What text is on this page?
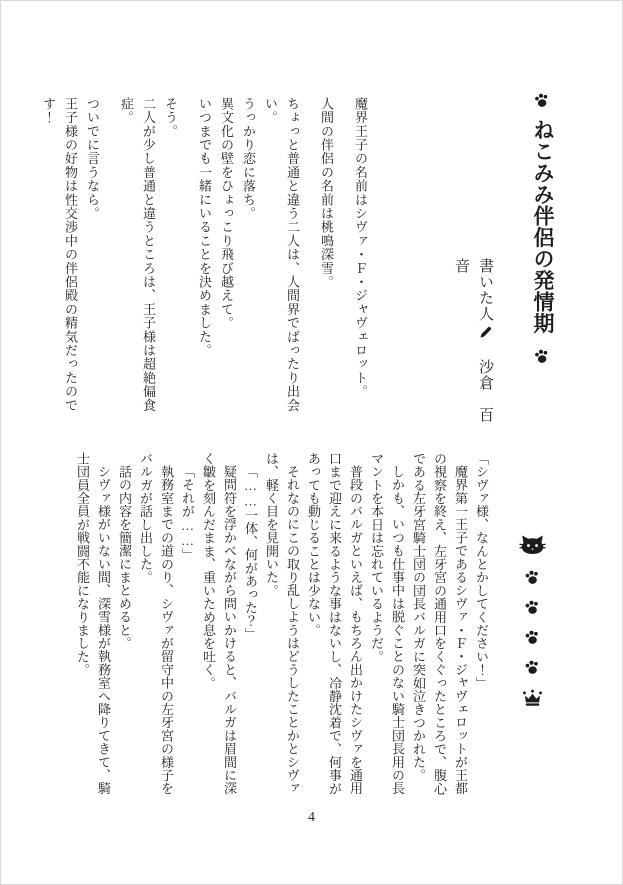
ねこみみ伴侶の発情期
書いた人　沙倉　百音

魔界王子の名前はシヴァ・Ｆ・ジャヴェロット。

人間の伴侶の名前は桃鳴深雪。

ちょっと普通と違う二人は、人間界でばったり出会い。

うっかり恋に落ち。

異文化の壁をひょっこり飛び越えて。

いつまでも一緒にいることを決めました。

そう。

二人が少し普通と違うところは、王子様は超絶偏食症。

ついでに言うなら。

王子様の好物は性交渉中の伴侶殿の精気だったのです！

「シヴァ様、なんとかしてください！」

魔界第一王子であるシヴァ・Ｆ・ジャヴェロットが王都の視察を終え、左牙宮の通用口をくぐったところで、腹心である左牙宮騎士団の団長バルガに突如泣きつかれた。

しかも、いつも仕事中は脱ぐことのない騎士団長用の長マントを本日は忘れているようだ。

普段のバルガといえば、もちろん出かけたシヴァを通用口まで迎えに来るような事はないし、冷静沈着で、何事があっても動じることは少ない。

それなのにこの取り乱しようはどうしたことかとシヴァは、軽く目を見開いた。

「……一体、何があった？」

疑問符を浮かべながら問いかけると、バルガは眉間に深く皺を刻んだまま、重いため息を吐く。

「それが……」

執務室までの道のり、シヴァが留守中の左牙宮の様子をバルガが話し出した。

話の内容を簡潔にまとめると。

シヴァ様がいない間、深雪様が執務室へ降りてきて、騎士団員全員が戦闘不能になりました。

4
